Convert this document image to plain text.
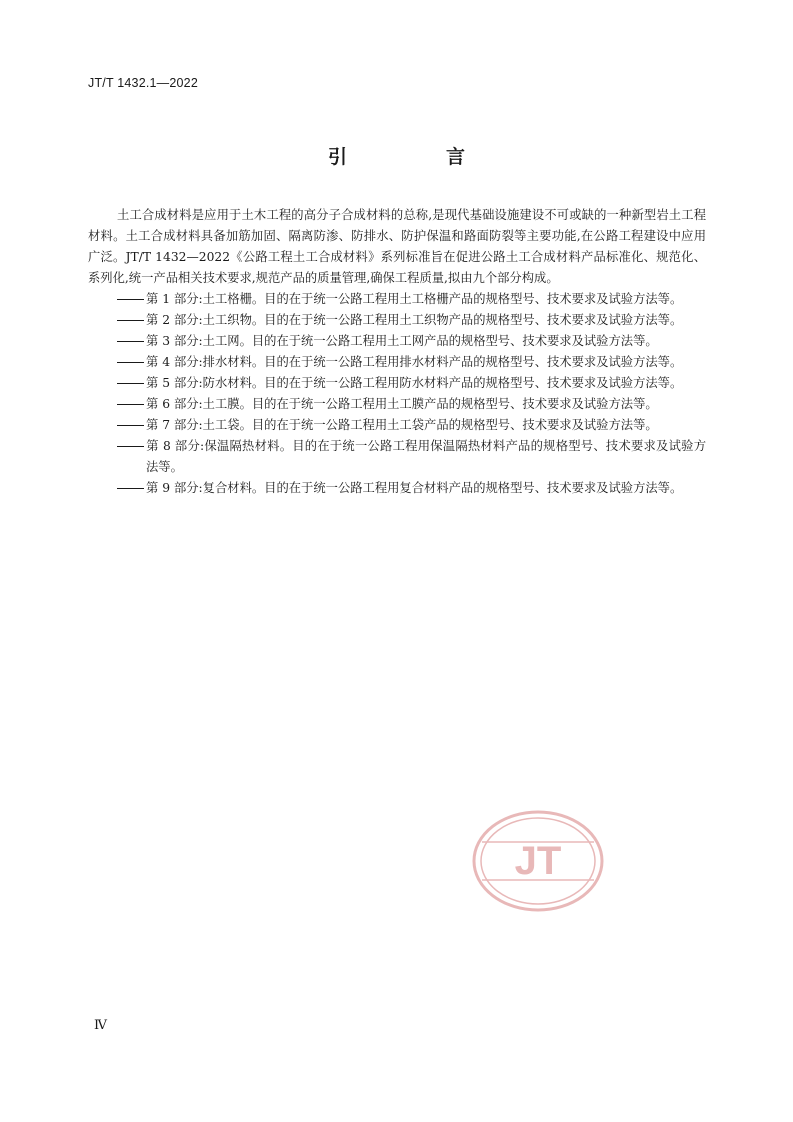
JT/T 1432.1—2022
引　言

土工合成材料是应用于土木工程的高分子合成材料的总称,是现代基础设施建设不可或缺的一种新型岩土工程材料。土工合成材料具备加筋加固、隔离防渗、防排水、防护保温和路面防裂等主要功能,在公路工程建设中应用广泛。JT/T 1432—2022《公路工程土工合成材料》系列标准旨在促进公路土工合成材料产品标准化、规范化、系列化,统一产品相关技术要求,规范产品的质量管理,确保工程质量,拟由九个部分构成。

第 1 部分:土工格栅。目的在于统一公路工程用土工格栅产品的规格型号、技术要求及试验方法等。
第 2 部分:土工织物。目的在于统一公路工程用土工织物产品的规格型号、技术要求及试验方法等。
第 3 部分:土工网。目的在于统一公路工程用土工网产品的规格型号、技术要求及试验方法等。
第 4 部分:排水材料。目的在于统一公路工程用排水材料产品的规格型号、技术要求及试验方法等。
第 5 部分:防水材料。目的在于统一公路工程用防水材料产品的规格型号、技术要求及试验方法等。
第 6 部分:土工膜。目的在于统一公路工程用土工膜产品的规格型号、技术要求及试验方法等。
第 7 部分:土工袋。目的在于统一公路工程用土工袋产品的规格型号、技术要求及试验方法等。
第 8 部分:保温隔热材料。目的在于统一公路工程用保温隔热材料产品的规格型号、技术要求及试验方法等。
第 9 部分:复合材料。目的在于统一公路工程用复合材料产品的规格型号、技术要求及试验方法等。
JT
Ⅳ
